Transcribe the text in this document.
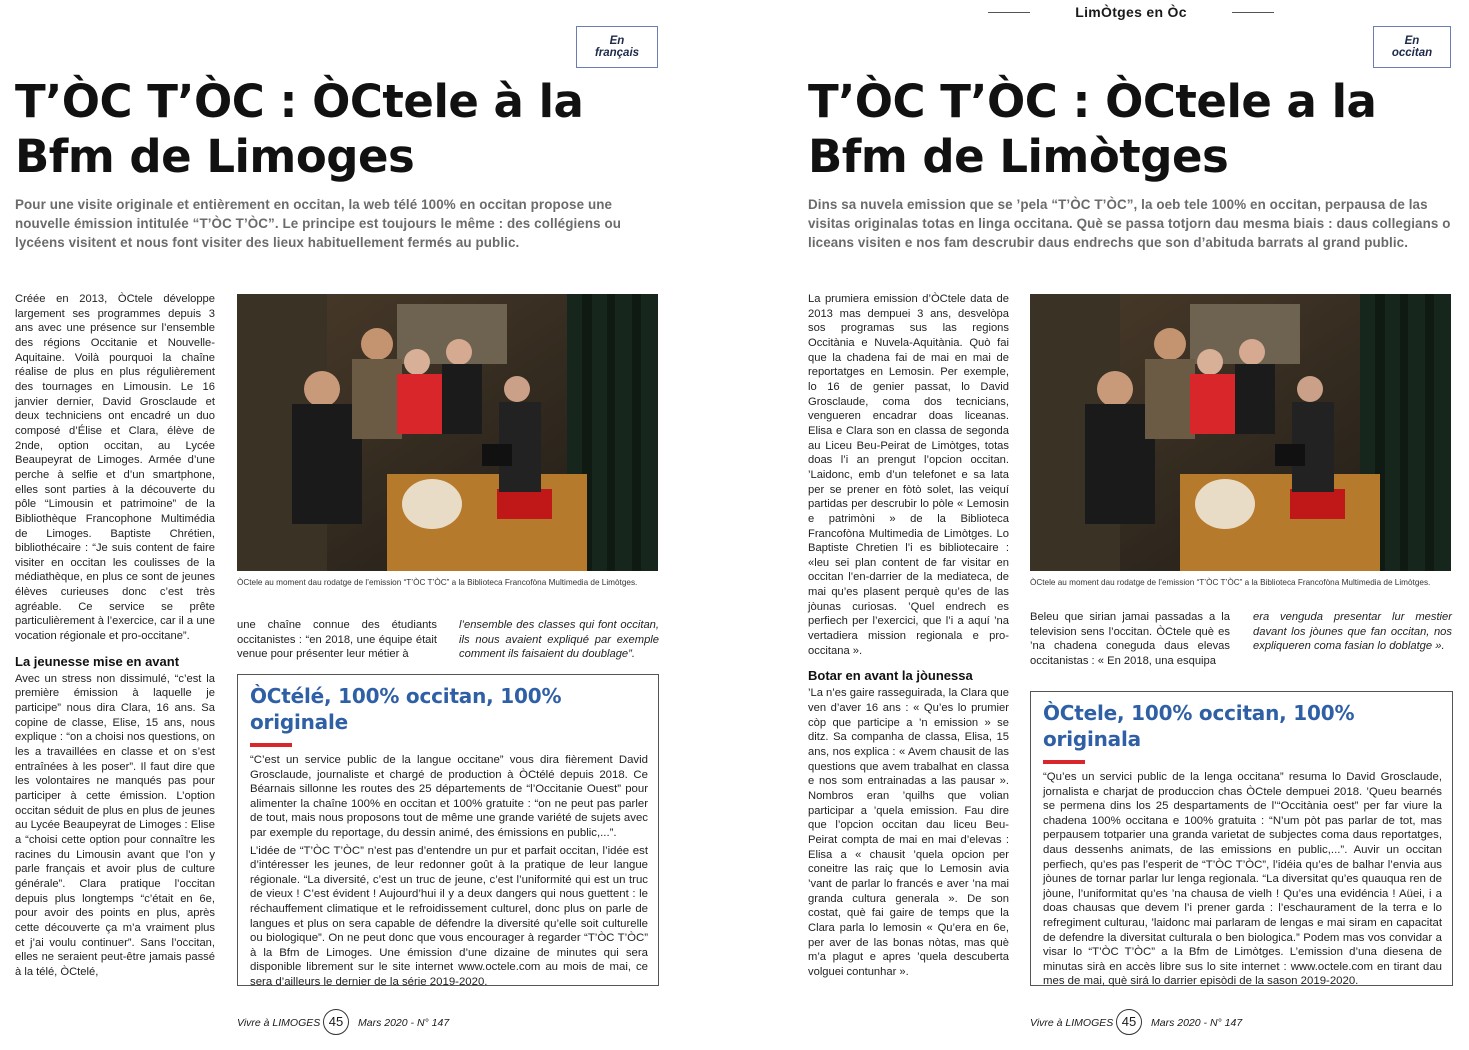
En français
T’ÒC T’ÒC : ÒCtele à la Bfm de Limoges

Pour une visite originale et entièrement en occitan, la web télé 100% en occitan propose une nouvelle émission intitulée “T’ÒC T’ÒC”. Le principe est toujours le même : des collégiens ou lycéens visitent et nous font visiter des lieux habituellement fermés au public.

Créée en 2013, ÒCtele développe largement ses programmes depuis 3 ans avec une présence sur l’ensemble des régions Occitanie et Nouvelle-Aquitaine. Voilà pourquoi la chaîne réalise de plus en plus régulièrement des tournages en Limousin. Le 16 janvier dernier, David Grosclaude et deux techniciens ont encadré un duo composé d’Élise et Clara, élève de 2nde, option occitan, au Lycée Beaupeyrat de Limoges. Armée d’une perche à selfie et d’un smartphone, elles sont parties à la découverte du pôle “Limousin et patrimoine” de la Bibliothèque Francophone Multimédia de Limoges. Baptiste Chrétien, bibliothécaire : “Je suis content de faire visiter en occitan les coulisses de la médiathèque, en plus ce sont de jeunes élèves curieuses donc c’est très agréable. Ce service se prête particulièrement à l’exercice, car il a une vocation régionale et pro-occitane”.

La jeunesse mise en avant

Avec un stress non dissimulé, “c’est la première émission à laquelle je participe” nous dira Clara, 16 ans. Sa copine de classe, Elise, 15 ans, nous explique : “on a choisi nos questions, on les a travaillées en classe et on s’est entraînées à les poser”. Il faut dire que les volontaires ne manqués pas pour participer à cette émission. L’option occitan séduit de plus en plus de jeunes au Lycée Beaupeyrat de Limoges : Elise a “choisi cette option pour connaître les racines du Limousin avant que l’on y parle français et avoir plus de culture générale”. Clara pratique l’occitan depuis plus longtemps “c’était en 6e, pour avoir des points en plus, après cette découverte ça m’a vraiment plus et j’ai voulu continuer”. Sans l’occitan, elles ne seraient peut-être jamais passé à la télé, ÒCtelé,

ÒCtele au moment dau rodatge de l’emission “T’ÒC T’ÒC” a la Biblioteca Francofòna Multimedia de Limòtges.

une chaîne connue des étudiants occitanistes : “en 2018, une équipe était venue pour présenter leur métier à

l’ensemble des classes qui font occitan, ils nous avaient expliqué par exemple comment ils faisaient du doublage”.

ÒCtélé, 100% occitan, 100% originale

“C’est un service public de la langue occitane” vous dira fièrement David Grosclaude, journaliste et chargé de production à ÒCtélé depuis 2018. Ce Béarnais sillonne les routes des 25 départements de “l’Occitanie Ouest” pour alimenter la chaîne 100% en occitan et 100% gratuite : “on ne peut pas parler de tout, mais nous proposons tout de même une grande variété de sujets avec par exemple du reportage, du dessin animé, des émissions en public,...”.

L’idée de “T’ÒC T’ÒC” n’est pas d’entendre un pur et parfait occitan, l’idée est d’intéresser les jeunes, de leur redonner goût à la pratique de leur langue régionale. “La diversité, c’est un truc de jeune, c’est l’uniformité qui est un truc de vieux ! C’est évident ! Aujourd’hui il y a deux dangers qui nous guettent : le réchauffement climatique et le refroidissement culturel, donc plus on parle de langues et plus on sera capable de défendre la diversité qu’elle soit culturelle ou biologique”. On ne peut donc que vous encourager à regarder “T’ÒC T’ÒC” à la Bfm de Limoges. Une émission d’une dizaine de minutes qui sera disponible librement sur le site internet www.octele.com au mois de mai, ce sera d’ailleurs le dernier de la série 2019-2020.

Vivre à LIMOGES 45	Mars 2020 - N° 147
LimÒtges en Òc
En occitan
T’ÒC T’ÒC : ÒCtele a la Bfm de Limòtges

Dins sa nuvela emission que se ’pela “T’ÒC T’ÒC”, la oeb tele 100% en occitan, perpausa de las visitas originalas totas en linga occitana. Què se passa totjorn dau mesma biais : daus collegians o liceans visiten e nos fam descrubir daus endrechs que son d’abituda barrats al grand public.

La prumiera emission d’ÒCtele data de 2013 mas dempuei 3 ans, desvelòpa sos programas sus las regions Occitània e Nuvela-Aquitània. Quò fai que la chadena fai de mai en mai de reportatges en Lemosin. Per exemple, lo 16 de genier passat, lo David Grosclaude, coma dos tecnicians, vengueren encadrar doas liceanas. Elisa e Clara son en classa de segonda au Liceu Beu-Peirat de Limòtges, totas doas l’i an prengut l’opcion occitan. ’Laidonc, emb d’un telefonet e sa lata per se prener en fòtò solet, las veiquí partidas per descrubir lo pòle « Lemosin e patrimòni » de la Biblioteca Francofòna Multimedia de Limòtges. Lo Baptiste Chretien l’i es bibliotecaire : «leu sei plan content de far visitar en occitan l’en-darrier de la mediateca, de mai qu’es plasent perquè qu’es de las jòunas curiosas. ’Quel endrech es perfiech per l’exercici, que l’i a aquí ’na vertadiera mission regionala e pro-occitana ».

Botar en avant la jòunessa

’La n’es gaire rasseguirada, la Clara que ven d’aver 16 ans : « Qu’es lo prumier còp que participe a ’n emission » se ditz. Sa companha de classa, Elisa, 15 ans, nos explica : « Avem chausit de las questions que avem trabalhat en classa e nos som entrainadas a las pausar ». Nombros eran ’quilhs que volian participar a ’quela emission. Fau dire que l’opcion occitan dau liceu Beu-Peirat compta de mai en mai d’elevas : Elisa a « chausit ’quela opcion per coneitre las raiç que lo Lemosin avia ’vant de parlar lo francés e aver ’na mai granda cultura generala ». De son costat, què fai gaire de temps que la Clara parla lo lemosin « Qu’era en 6e, per aver de las bonas nòtas, mas què m’a plagut e apres ’quela descuberta volguei contunhar ».

ÒCtele au moment dau rodatge de l’emission “T’ÒC T’ÒC” a la Biblioteca Francofòna Multimedia de Limòtges.

Beleu que sirian jamai passadas a la television sens l’occitan. ÒCtele què es ’na chadena coneguda daus elevas occitanistas : « En 2018, una esquipa

era venguda presentar lur mestier davant los jòunes que fan occitan, nos expliqueren coma fasian lo doblatge ».

ÒCtele, 100% occitan, 100% originala

“Qu’es un servici public de la lenga occitana” resuma lo David Grosclaude, jornalista e charjat de produccion chas ÒCtele dempuei 2018. ’Queu bearnés se permena dins los 25 despartaments de l’“Occitània oest” per far viure la chadena 100% occitana e 100% gratuita : “N’um pòt pas parlar de tot, mas perpausem totparier una granda varietat de subjectes coma daus reportatges, daus dessenhs animats, de las emissions en public,...”. Auvir un occitan perfiech, qu’es pas l’esperit de “T’ÒC T’ÒC”, l’idéia qu’es de balhar l’envia aus jòunes de tornar parlar lur lenga regionala. “La diversitat qu’es quauqua ren de jòune, l’uniformitat qu’es ’na chausa de vielh ! Qu’es una evidéncia ! Aüei, i a doas chausas que devem l’i prener garda : l’eschaurament de la terra e lo refregiment culturau, ’laidonc mai parlaram de lengas e mai siram en capacitat de defendre la diversitat culturala o ben biologica.” Podem mas vos convidar a visar lo “T’ÒC T’ÒC” a la Bfm de Limòtges. L’emission d’una diesena de minutas sirà en accès libre sus lo site internet : www.octele.com en tirant dau mes de mai, què sirá lo darrier episòdi de la sason 2019-2020.

Vivre à LIMOGES 45	Mars 2020 - N° 147
